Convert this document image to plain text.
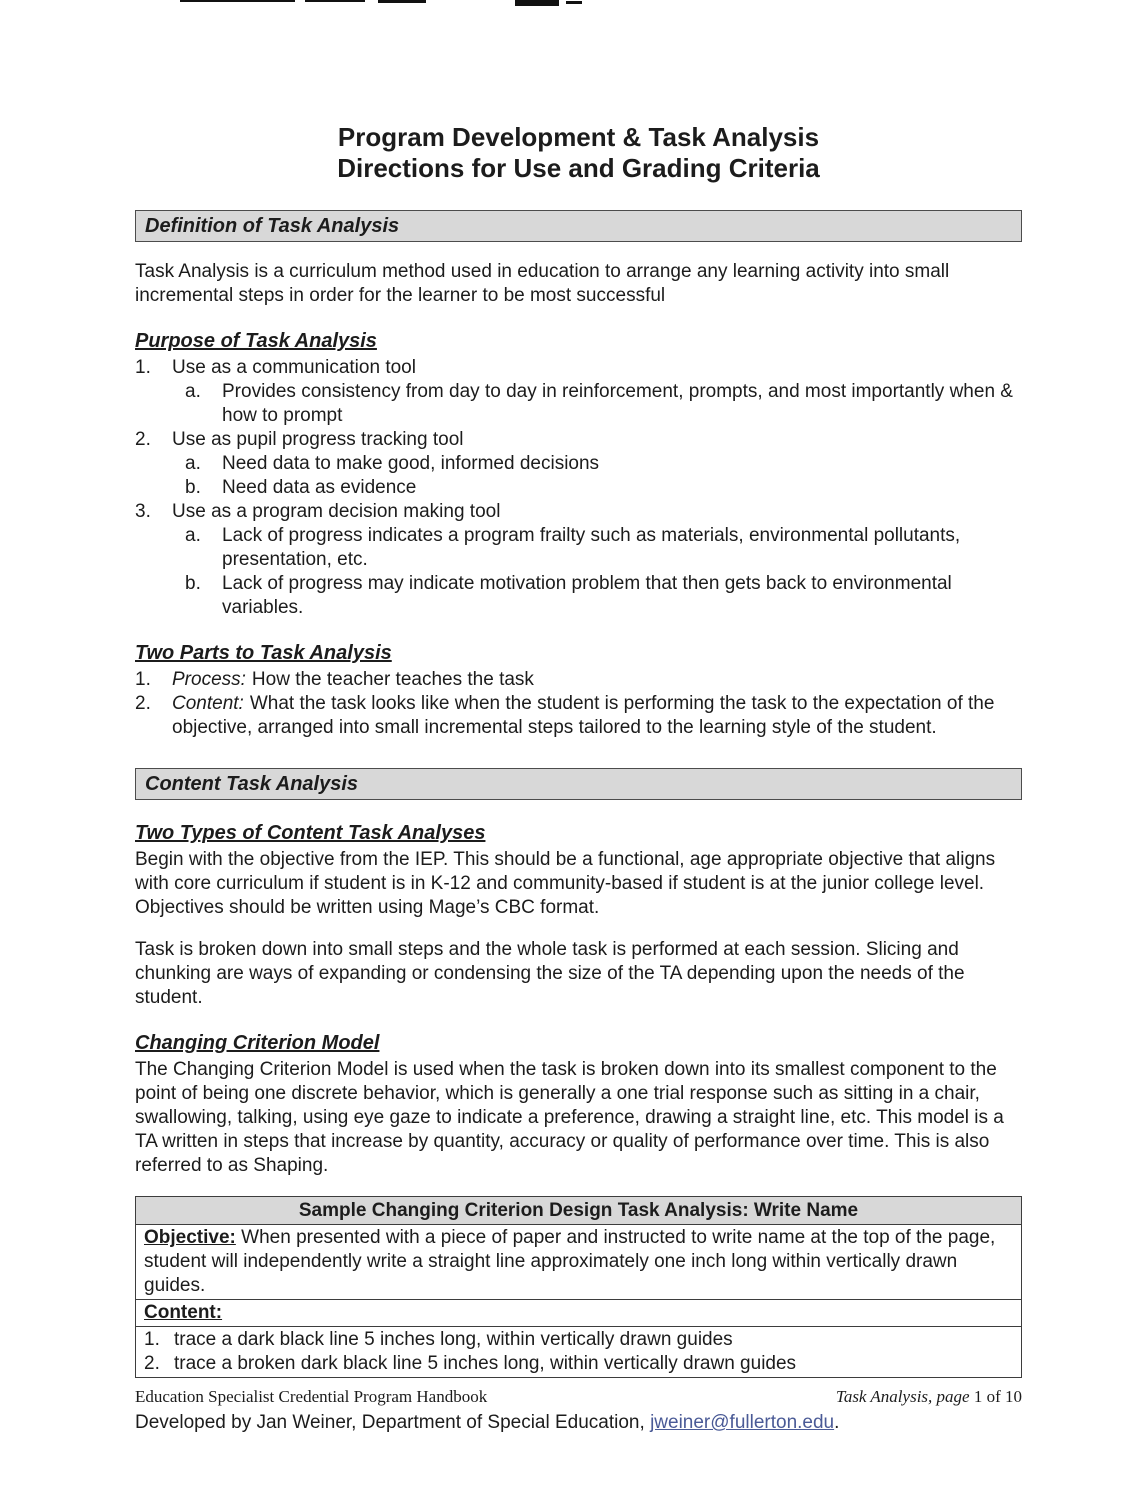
Program Development & Task Analysis
Directions for Use and Grading Criteria
Definition of Task Analysis

Task Analysis is a curriculum method used in education to arrange any learning activity into small incremental steps in order for the learner to be most successful

Purpose of Task Analysis
1.	Use as a communication tool
a.	Provides consistency from day to day in reinforcement, prompts, and most importantly when & how to prompt
2.	Use as pupil progress tracking tool
a.	Need data to make good, informed decisions
b.	Need data as evidence
3.	Use as a program decision making tool
a.	Lack of progress indicates a program frailty such as materials, environmental pollutants, presentation, etc.
b.	Lack of progress may indicate motivation problem that then gets back to environmental variables.
Two Parts to Task Analysis
1.	Process: How the teacher teaches the task
2.	Content: What the task looks like when the student is performing the task to the expectation of the objective, arranged into small incremental steps tailored to the learning style of the student.
Content Task Analysis
Two Types of Content Task Analyses

Begin with the objective from the IEP. This should be a functional, age appropriate objective that aligns with core curriculum if student is in K-12 and community-based if student is at the junior college level. Objectives should be written using Mage’s CBC format.

Task is broken down into small steps and the whole task is performed at each session. Slicing and chunking are ways of expanding or condensing the size of the TA depending upon the needs of the student.

Changing Criterion Model

The Changing Criterion Model is used when the task is broken down into its smallest component to the point of being one discrete behavior, which is generally a one trial response such as sitting in a chair, swallowing, talking, using eye gaze to indicate a preference, drawing a straight line, etc. This model is a TA written in steps that increase by quantity, accuracy or quality of performance over time. This is also referred to as Shaping.

Sample Changing Criterion Design Task Analysis: Write Name
Objective: When presented with a piece of paper and instructed to write name at the top of the page, student will independently write a straight line approximately one inch long within vertically drawn guides.
Content:
1. trace a dark black line 5 inches long, within vertically drawn guides
2. trace a broken dark black line 5 inches long, within vertically drawn guides
Education Specialist Credential Program Handbook	Task Analysis, page 1 of 10
Developed by Jan Weiner, Department of Special Education, jweiner@fullerton.edu.
